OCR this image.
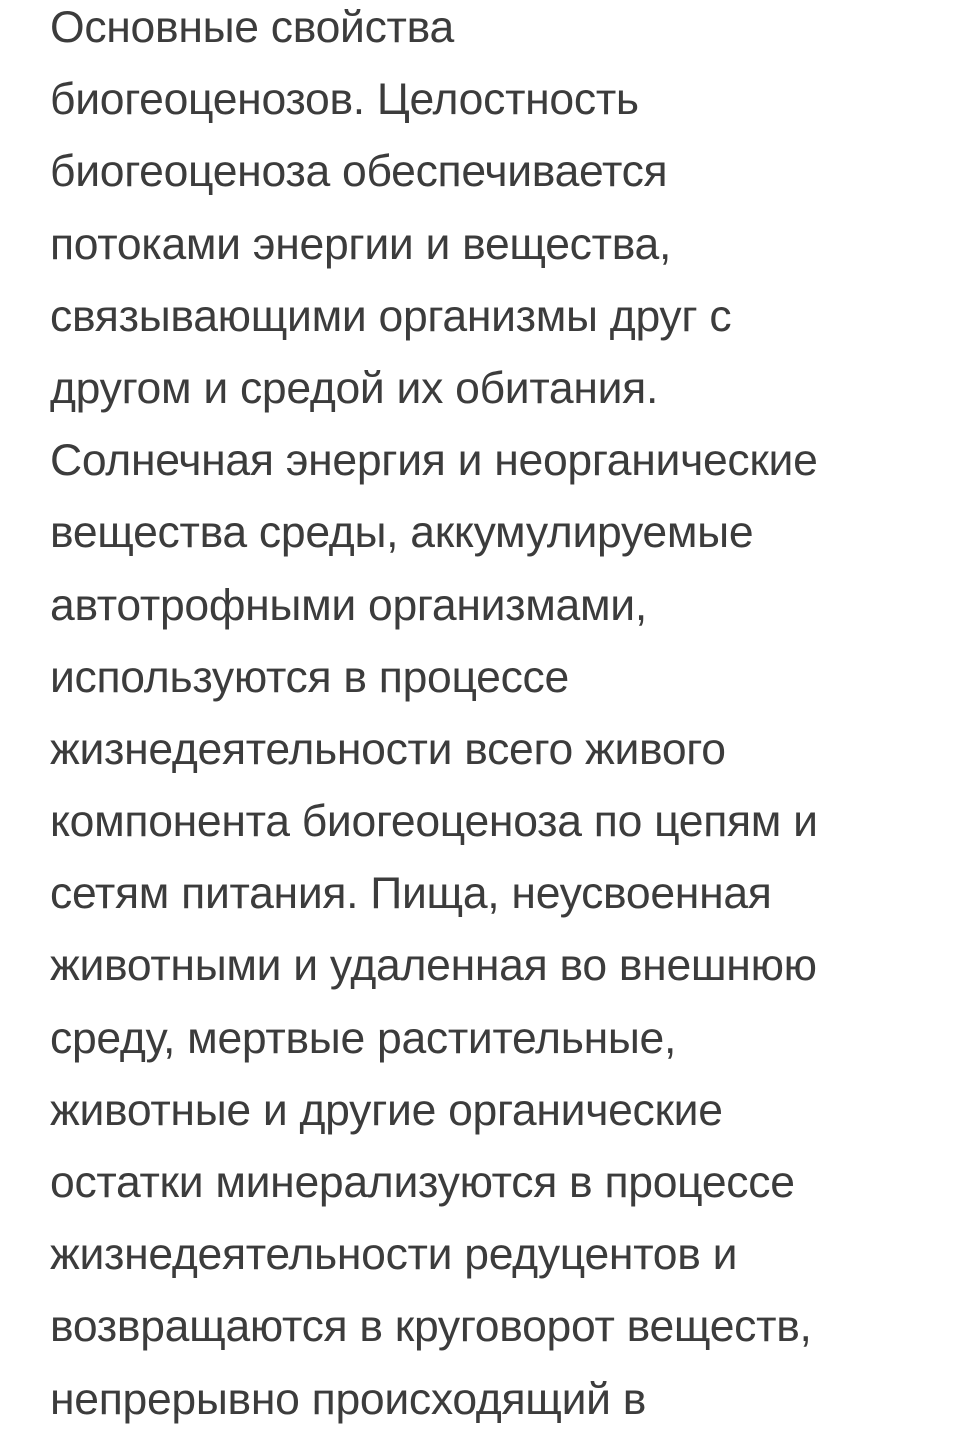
Основные свойства
биогеоценозов. Целостность
биогеоценоза обеспечивается
потоками энергии и вещества,
связывающими организмы друг с
другом и средой их обитания.
Солнечная энергия и неорганические
вещества среды, аккумулируемые
автотрофными организмами,
используются в процессе
жизнедеятельности всего живого
компонента биогеоценоза по цепям и
сетям питания. Пища, неусвоенная
животными и удаленная во внешнюю
среду, мертвые растительные,
животные и другие органические
остатки минерализуются в процессе
жизнедеятельности редуцентов и
возвращаются в круговорот веществ,
непрерывно происходящий в
